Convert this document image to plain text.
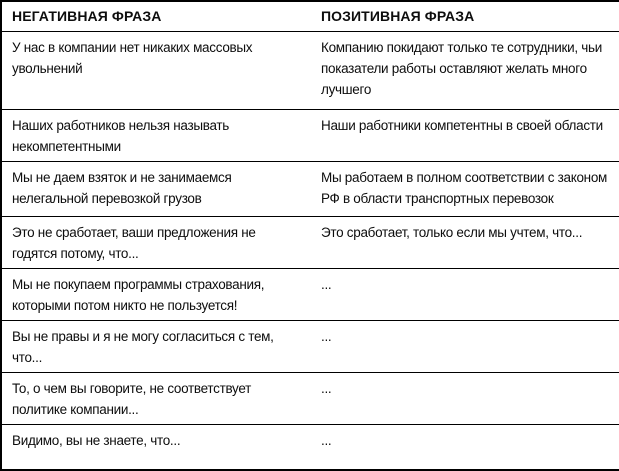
НЕГАТИВНАЯ ФРАЗА	ПОЗИТИВНАЯ ФРАЗА
У нас в компании нет никаких массовых увольнений	Компанию покидают только те сотрудники, чьи показатели работы оставляют желать много лучшего
Наших работников нельзя называть некомпетентными	Наши работники компетентны в своей области
Мы не даем взяток и не занимаемся нелегальной перевозкой грузов	Мы работаем в полном соответствии с законом РФ в области транспортных перевозок
Это не сработает, ваши предложения не годятся потому, что...	Это сработает, только если мы учтем, что...
Мы не покупаем программы страхования, которыми потом никто не пользуется!	...
Вы не правы и я не могу согласиться с тем, что...	...
То, о чем вы говорите, не соответствует политике компании...	...
Видимо, вы не знаете, что...	...
